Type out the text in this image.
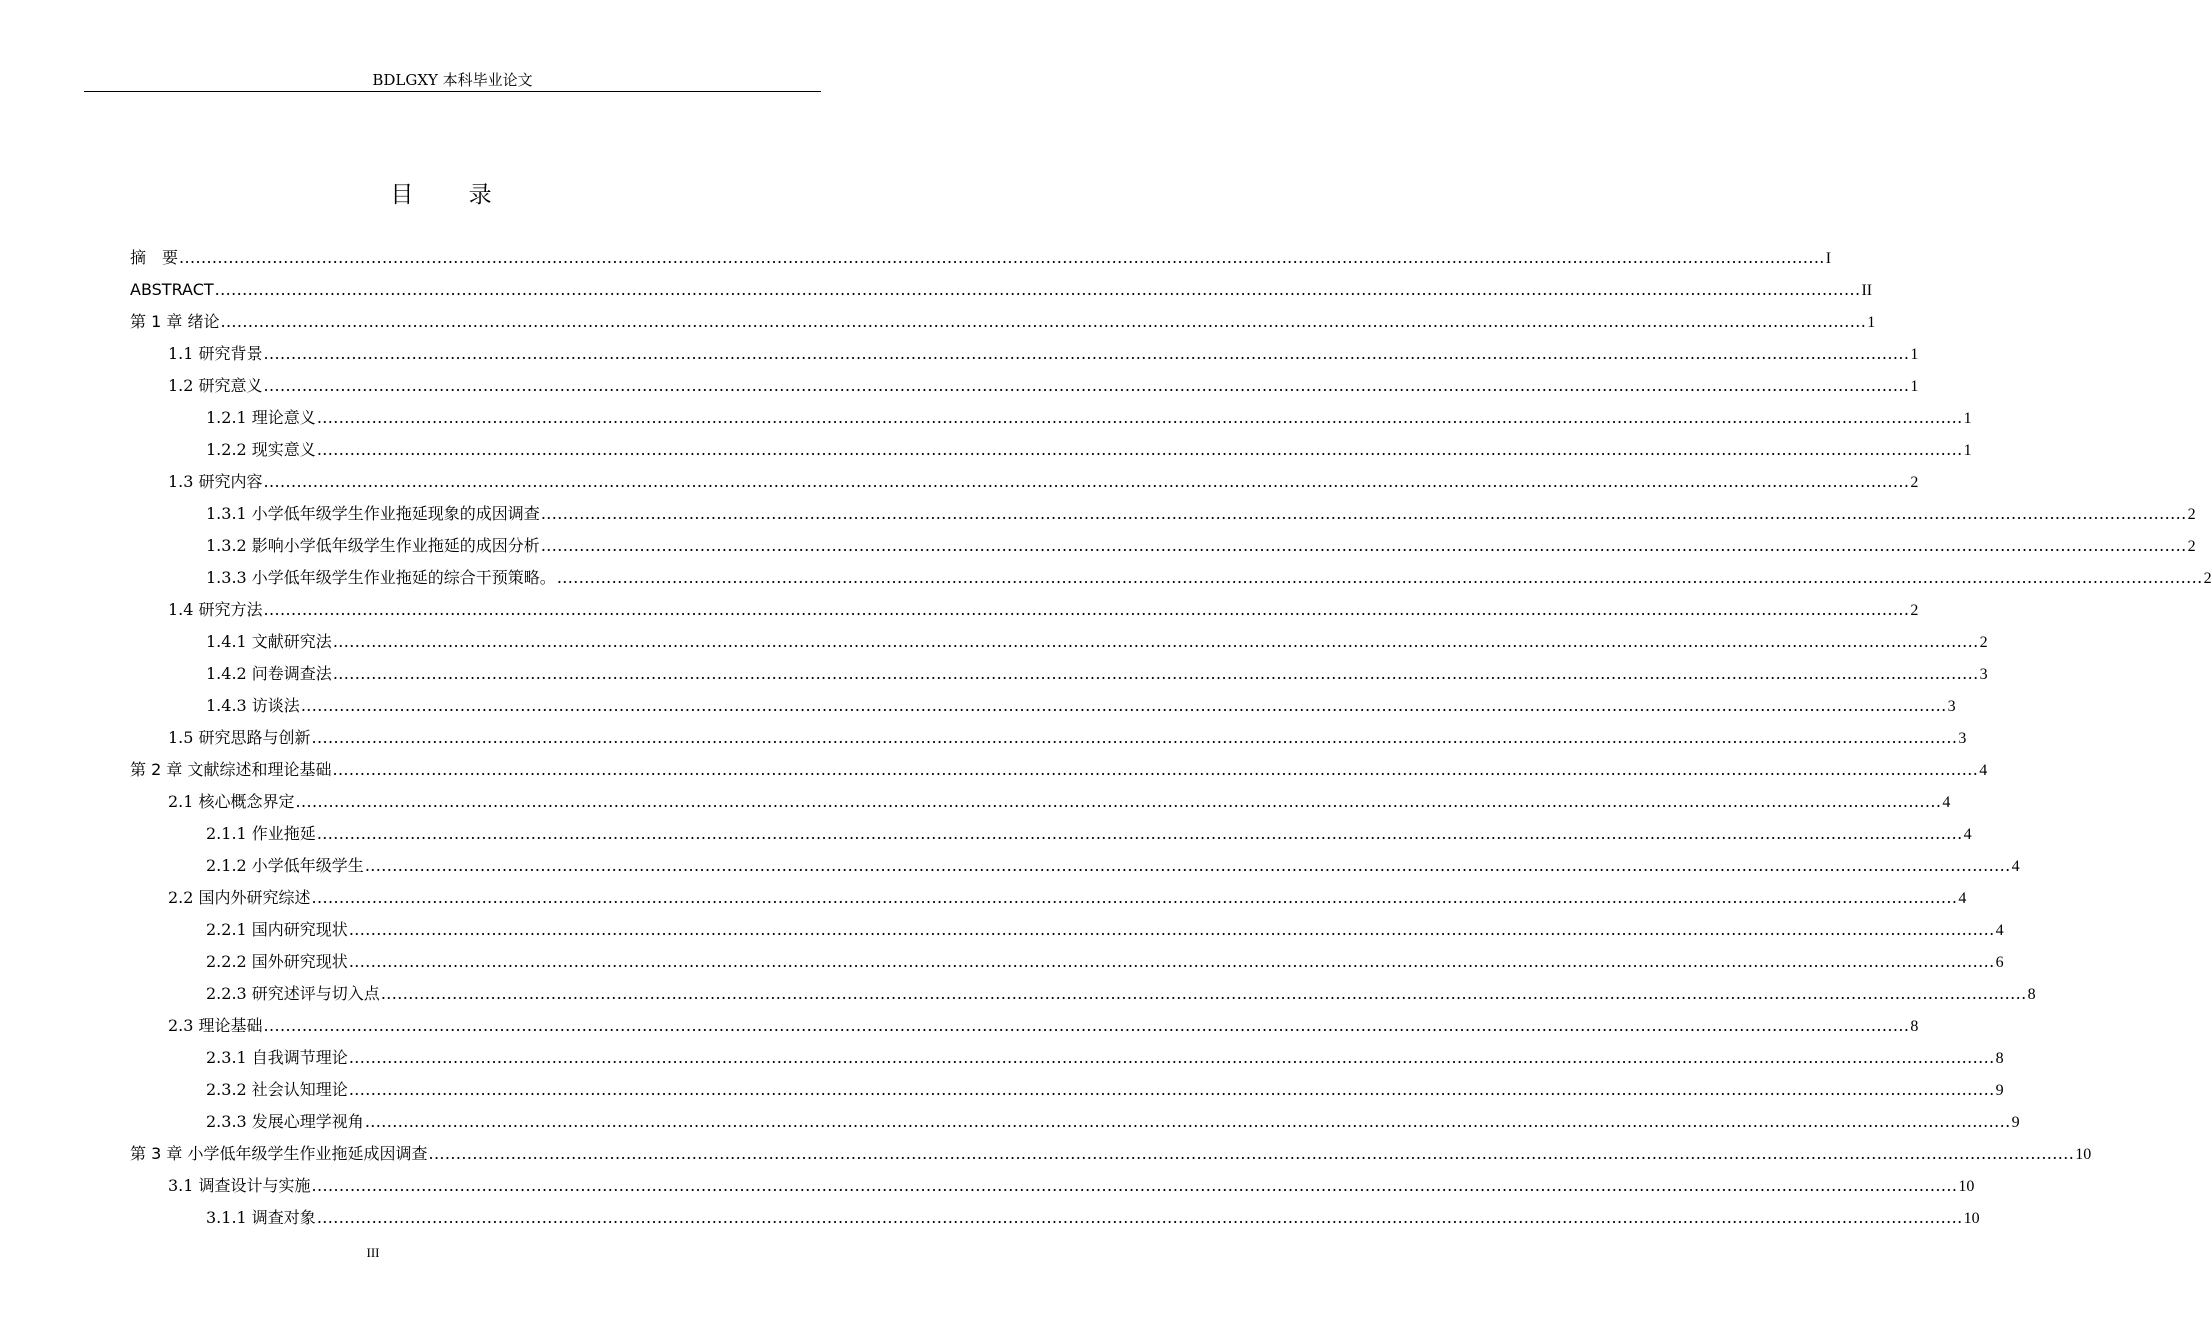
BDLGXY 本科毕业论文
目 录
摘　要 ............................................................................................................................................................................................................................................................................................................ I
ABSTRACT ............................................................................................................................................................................................................................................................................................................ II
第 1 章 绪论 ............................................................................................................................................................................................................................................................................................................ 1
1.1 研究背景 ............................................................................................................................................................................................................................................................................................................ 1
1.2 研究意义 ............................................................................................................................................................................................................................................................................................................ 1
1.2.1 理论意义 ............................................................................................................................................................................................................................................................................................................ 1
1.2.2 现实意义 ............................................................................................................................................................................................................................................................................................................ 1
1.3 研究内容 ............................................................................................................................................................................................................................................................................................................ 2
1.3.1 小学低年级学生作业拖延现象的成因调查 ............................................................................................................................................................................................................................................................................................................ 2
1.3.2 影响小学低年级学生作业拖延的成因分析 ............................................................................................................................................................................................................................................................................................................ 2
1.3.3 小学低年级学生作业拖延的综合干预策略。 ............................................................................................................................................................................................................................................................................................................ 2
1.4 研究方法 ............................................................................................................................................................................................................................................................................................................ 2
1.4.1 文献研究法 ............................................................................................................................................................................................................................................................................................................ 2
1.4.2 问卷调查法 ............................................................................................................................................................................................................................................................................................................ 3
1.4.3 访谈法 ............................................................................................................................................................................................................................................................................................................ 3
1.5 研究思路与创新 ............................................................................................................................................................................................................................................................................................................ 3
第 2 章 文献综述和理论基础 ............................................................................................................................................................................................................................................................................................................ 4
2.1 核心概念界定 ............................................................................................................................................................................................................................................................................................................ 4
2.1.1 作业拖延 ............................................................................................................................................................................................................................................................................................................ 4
2.1.2 小学低年级学生 ............................................................................................................................................................................................................................................................................................................ 4
2.2 国内外研究综述 ............................................................................................................................................................................................................................................................................................................ 4
2.2.1 国内研究现状 ............................................................................................................................................................................................................................................................................................................ 4
2.2.2 国外研究现状 ............................................................................................................................................................................................................................................................................................................ 6
2.2.3 研究述评与切入点 ............................................................................................................................................................................................................................................................................................................ 8
2.3 理论基础 ............................................................................................................................................................................................................................................................................................................ 8
2.3.1 自我调节理论 ............................................................................................................................................................................................................................................................................................................ 8
2.3.2 社会认知理论 ............................................................................................................................................................................................................................................................................................................ 9
2.3.3 发展心理学视角 ............................................................................................................................................................................................................................................................................................................ 9
第 3 章 小学低年级学生作业拖延成因调查 ............................................................................................................................................................................................................................................................................................................ 10
3.1 调查设计与实施 ............................................................................................................................................................................................................................................................................................................ 10
3.1.1 调查对象 ............................................................................................................................................................................................................................................................................................................ 10
III
